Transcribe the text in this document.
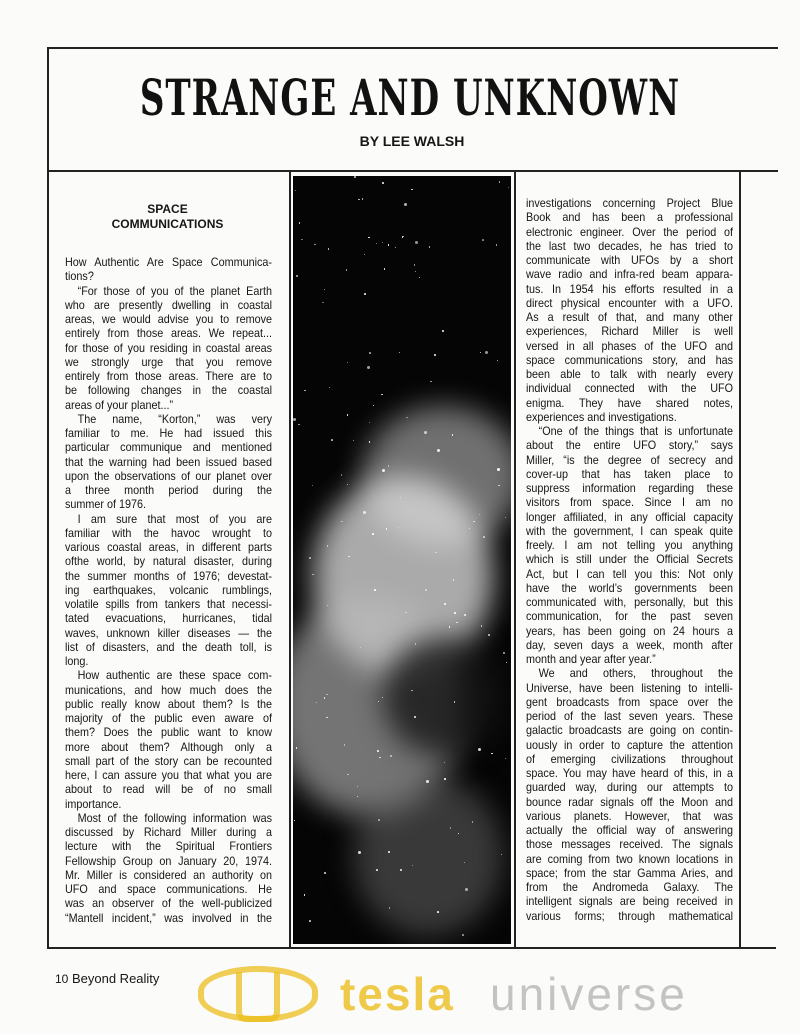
STRANGE AND UNKNOWN
BY LEE WALSH
SPACE
COMMUNICATIONS
How Authentic Are Space Communica-
tions?
“For those of you of the planet Earth
who are presently dwelling in coastal
areas, we would advise you to remove
entirely from those areas. We repeat...
for those of you residing in coastal areas
we strongly urge that you remove
entirely from those areas. There are to
be following changes in the coastal
areas of your planet...”
The name, “Korton,” was very
familiar to me. He had issued this
particular communique and mentioned
that the warning had been issued based
upon the observations of our planet over
a three month period during the
summer of 1976.
I am sure that most of you are
familiar with the havoc wrought to
various coastal areas, in different parts
ofthe world, by natural disaster, during
the summer months of 1976; devestat-
ing earthquakes, volcanic rumblings,
volatile spills from tankers that necessi-
tated evacuations, hurricanes, tidal
waves, unknown killer diseases — the
list of disasters, and the death toll, is
long.
How authentic are these space com-
munications, and how much does the
public really know about them? Is the
majority of the public even aware of
them? Does the public want to know
more about them? Although only a
small part of the story can be recounted
here, I can assure you that what you are
about to read will be of no small
importance.
Most of the following information was
discussed by Richard Miller during a
lecture with the Spiritual Frontiers
Fellowship Group on January 20, 1974.
Mr. Miller is considered an authority on
UFO and space communications. He
was an observer of the well-publicized
“Mantell incident,” was involved in the
investigations concerning Project Blue
Book and has been a professional
electronic engineer. Over the period of
the last two decades, he has tried to
communicate with UFOs by a short
wave radio and infra-red beam appara-
tus. In 1954 his efforts resulted in a
direct physical encounter with a UFO.
As a result of that, and many other
experiences, Richard Miller is well
versed in all phases of the UFO and
space communications story, and has
been able to talk with nearly every
individual connected with the UFO
enigma. They have shared notes,
experiences and investigations.
“One of the things that is unfortunate
about the entire UFO story,” says
Miller, “is the degree of secrecy and
cover-up that has taken place to
suppress information regarding these
visitors from space. Since I am no
longer affiliated, in any official capacity
with the government, I can speak quite
freely. I am not telling you anything
which is still under the Official Secrets
Act, but I can tell you this: Not only
have the world’s governments been
communicated with, personally, but this
communication, for the past seven
years, has been going on 24 hours a
day, seven days a week, month after
month and year after year.”
We and others, throughout the
Universe, have been listening to intelli-
gent broadcasts from space over the
period of the last seven years. These
galactic broadcasts are going on contin-
uously in order to capture the attention
of emerging civilizations throughout
space. You may have heard of this, in a
guarded way, during our attempts to
bounce radar signals off the Moon and
various planets. However, that was
actually the official way of answering
those messages received. The signals
are coming from two known locations in
space; from the star Gamma Aries, and
from the Andromeda Galaxy. The
intelligent signals are being received in
various forms; through mathematical
tesla universe
10 Beyond Reality
